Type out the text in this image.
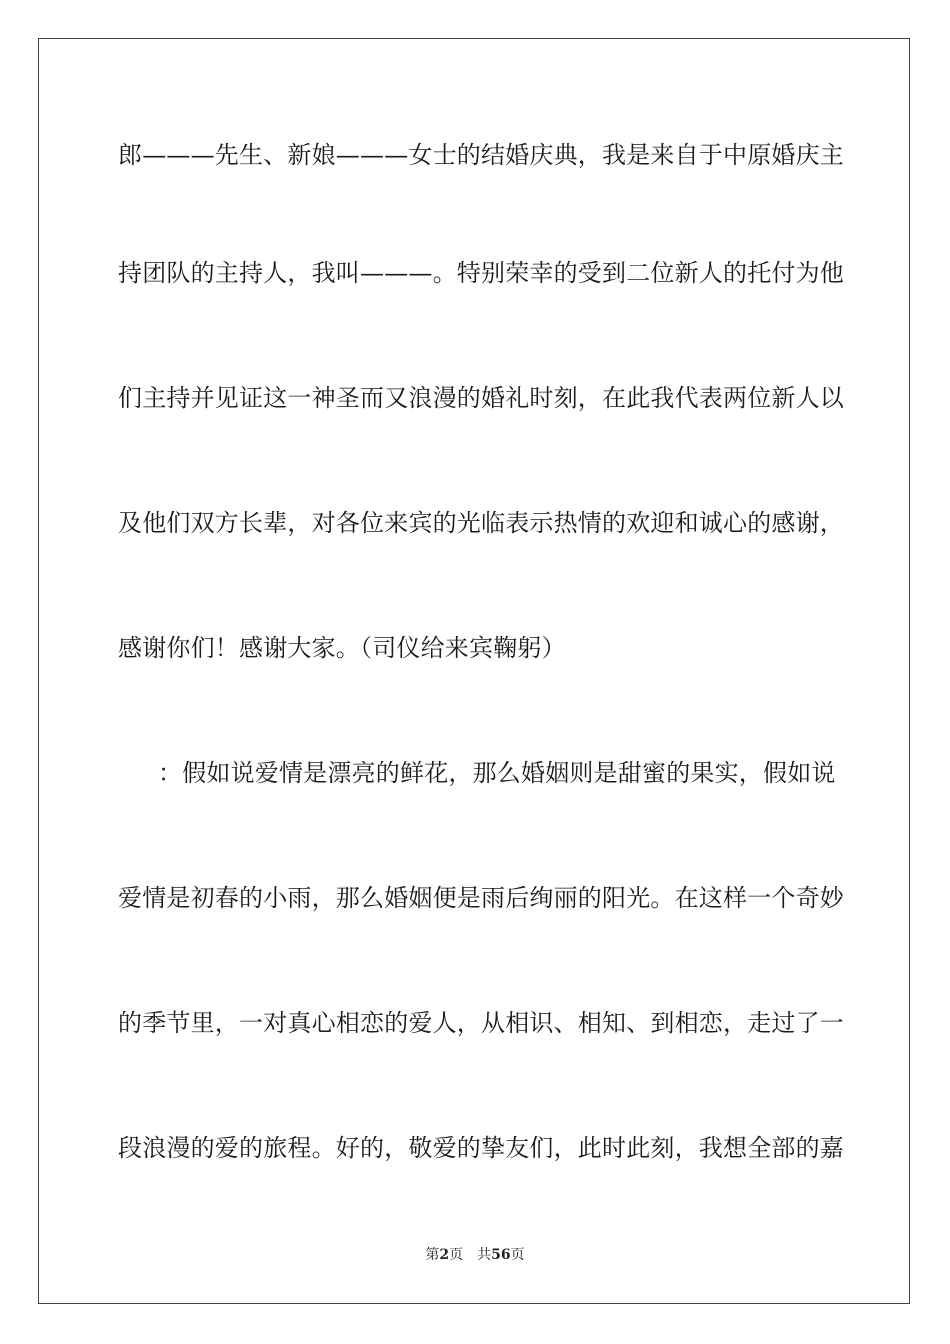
郎———先生、新娘———女士的结婚庆典，我是来自于中原婚庆主
持团队的主持人，我叫———。特别荣幸的受到二位新人的托付为他
们主持并见证这一神圣而又浪漫的婚礼时刻，在此我代表两位新人以
及他们双方长辈，对各位来宾的光临表示热情的欢迎和诚心的感谢，
感谢你们！感谢大家。（司仪给来宾鞠躬）
：假如说爱情是漂亮的鲜花，那么婚姻则是甜蜜的果实，假如说
爱情是初春的小雨，那么婚姻便是雨后绚丽的阳光。在这样一个奇妙
的季节里，一对真心相恋的爱人，从相识、相知、到相恋，走过了一
段浪漫的爱的旅程。好的，敬爱的挚友们，此时此刻，我想全部的嘉
第2页 共56页
